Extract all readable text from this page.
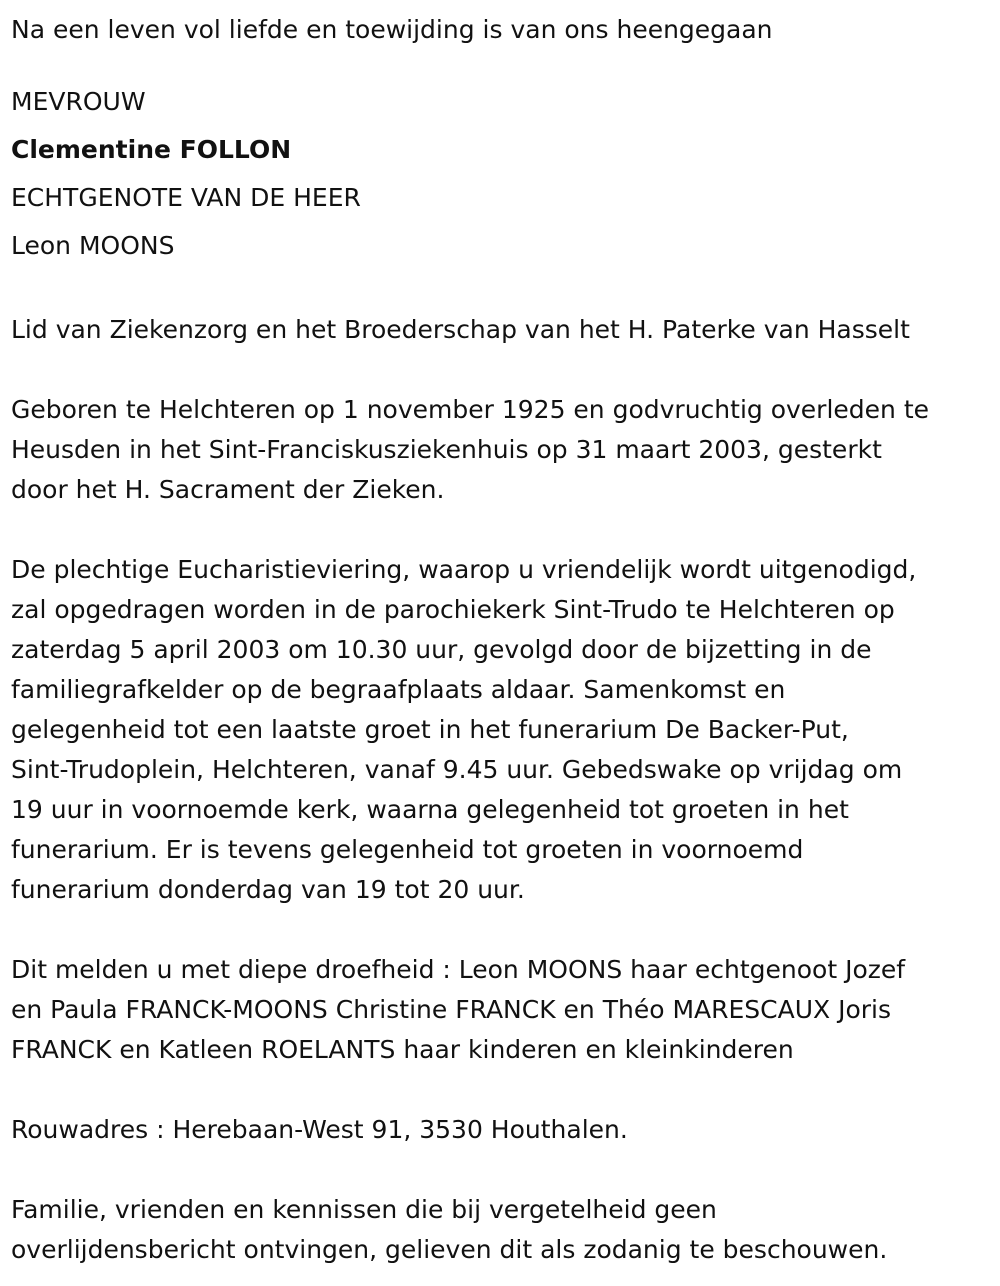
Na een leven vol liefde en toewijding is van ons heengegaan
MEVROUW
Clementine FOLLON
ECHTGENOTE VAN DE HEER
Leon MOONS
Lid van Ziekenzorg en het Broederschap van het H. Paterke van Hasselt
Geboren te Helchteren op 1 november 1925 en godvruchtig overleden te
Heusden in het Sint-Franciskusziekenhuis op 31 maart 2003, gesterkt
door het H. Sacrament der Zieken.
De plechtige Eucharistieviering, waarop u vriendelijk wordt uitgenodigd,
zal opgedragen worden in de parochiekerk Sint-Trudo te Helchteren op
zaterdag 5 april 2003 om 10.30 uur, gevolgd door de bijzetting in de
familiegrafkelder op de begraafplaats aldaar. Samenkomst en
gelegenheid tot een laatste groet in het funerarium De Backer-Put,
Sint-Trudoplein, Helchteren, vanaf 9.45 uur. Gebedswake op vrijdag om
19 uur in voornoemde kerk, waarna gelegenheid tot groeten in het
funerarium. Er is tevens gelegenheid tot groeten in voornoemd
funerarium donderdag van 19 tot 20 uur.
Dit melden u met diepe droefheid : Leon MOONS haar echtgenoot Jozef
en Paula FRANCK-MOONS Christine FRANCK en Théo MARESCAUX Joris
FRANCK en Katleen ROELANTS haar kinderen en kleinkinderen
Rouwadres : Herebaan-West 91, 3530 Houthalen.
Familie, vrienden en kennissen die bij vergetelheid geen
overlijdensbericht ontvingen, gelieven dit als zodanig te beschouwen.
